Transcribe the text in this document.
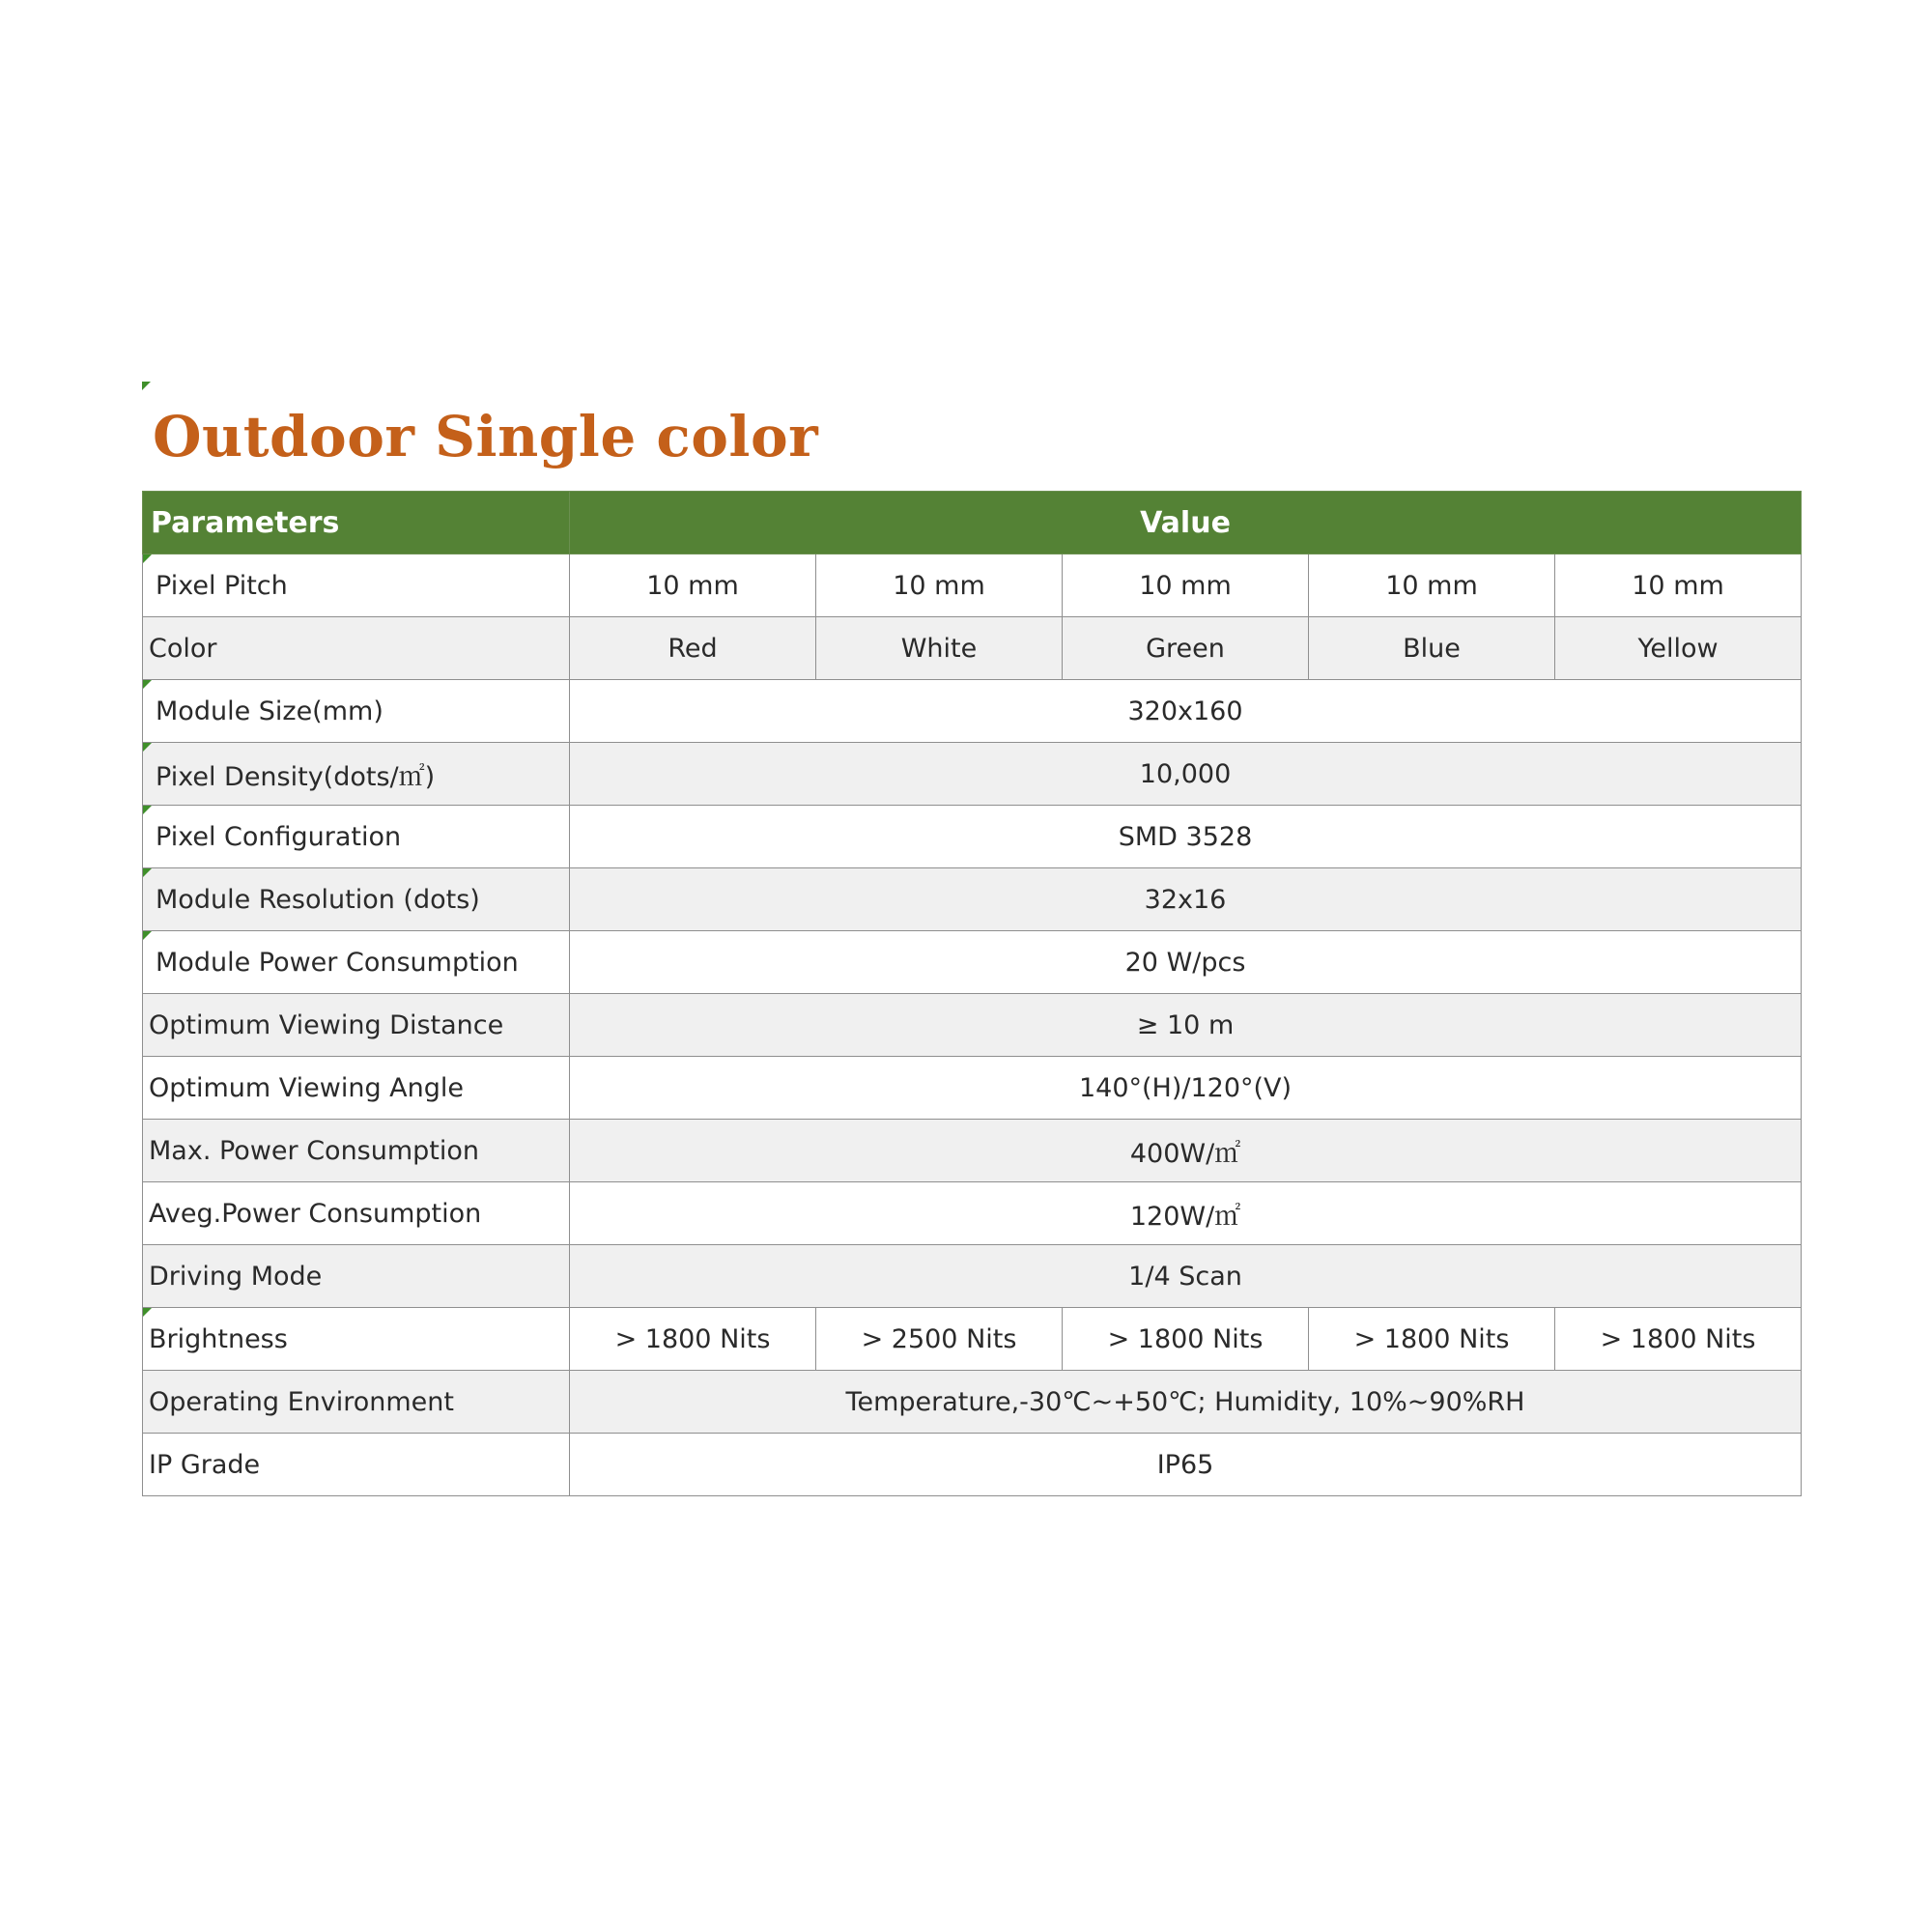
Outdoor Single color
Parameters	Value				

Pixel Pitch	10 mm	10 mm	10 mm	10 mm	10 mm
Color	Red	White	Green	Blue	Yellow

Module Size(mm)	320x160				

Pixel Density(dots/㎡)	10,000				

Pixel Configuration	SMD 3528				

Module Resolution (dots)	32x16				

Module Power Consumption	20 W/pcs				
Optimum Viewing Distance	≥ 10 m				
Optimum Viewing Angle	140°(H)/120°(V)				
Max. Power Consumption	400W/㎡				
Aveg.Power Consumption	120W/㎡				
Driving Mode	1/4 Scan				

Brightness	> 1800 Nits	> 2500 Nits	> 1800 Nits	> 1800 Nits	> 1800 Nits
Operating Environment	Temperature,-30℃~+50℃; Humidity, 10%~90%RH				
IP Grade	IP65				
